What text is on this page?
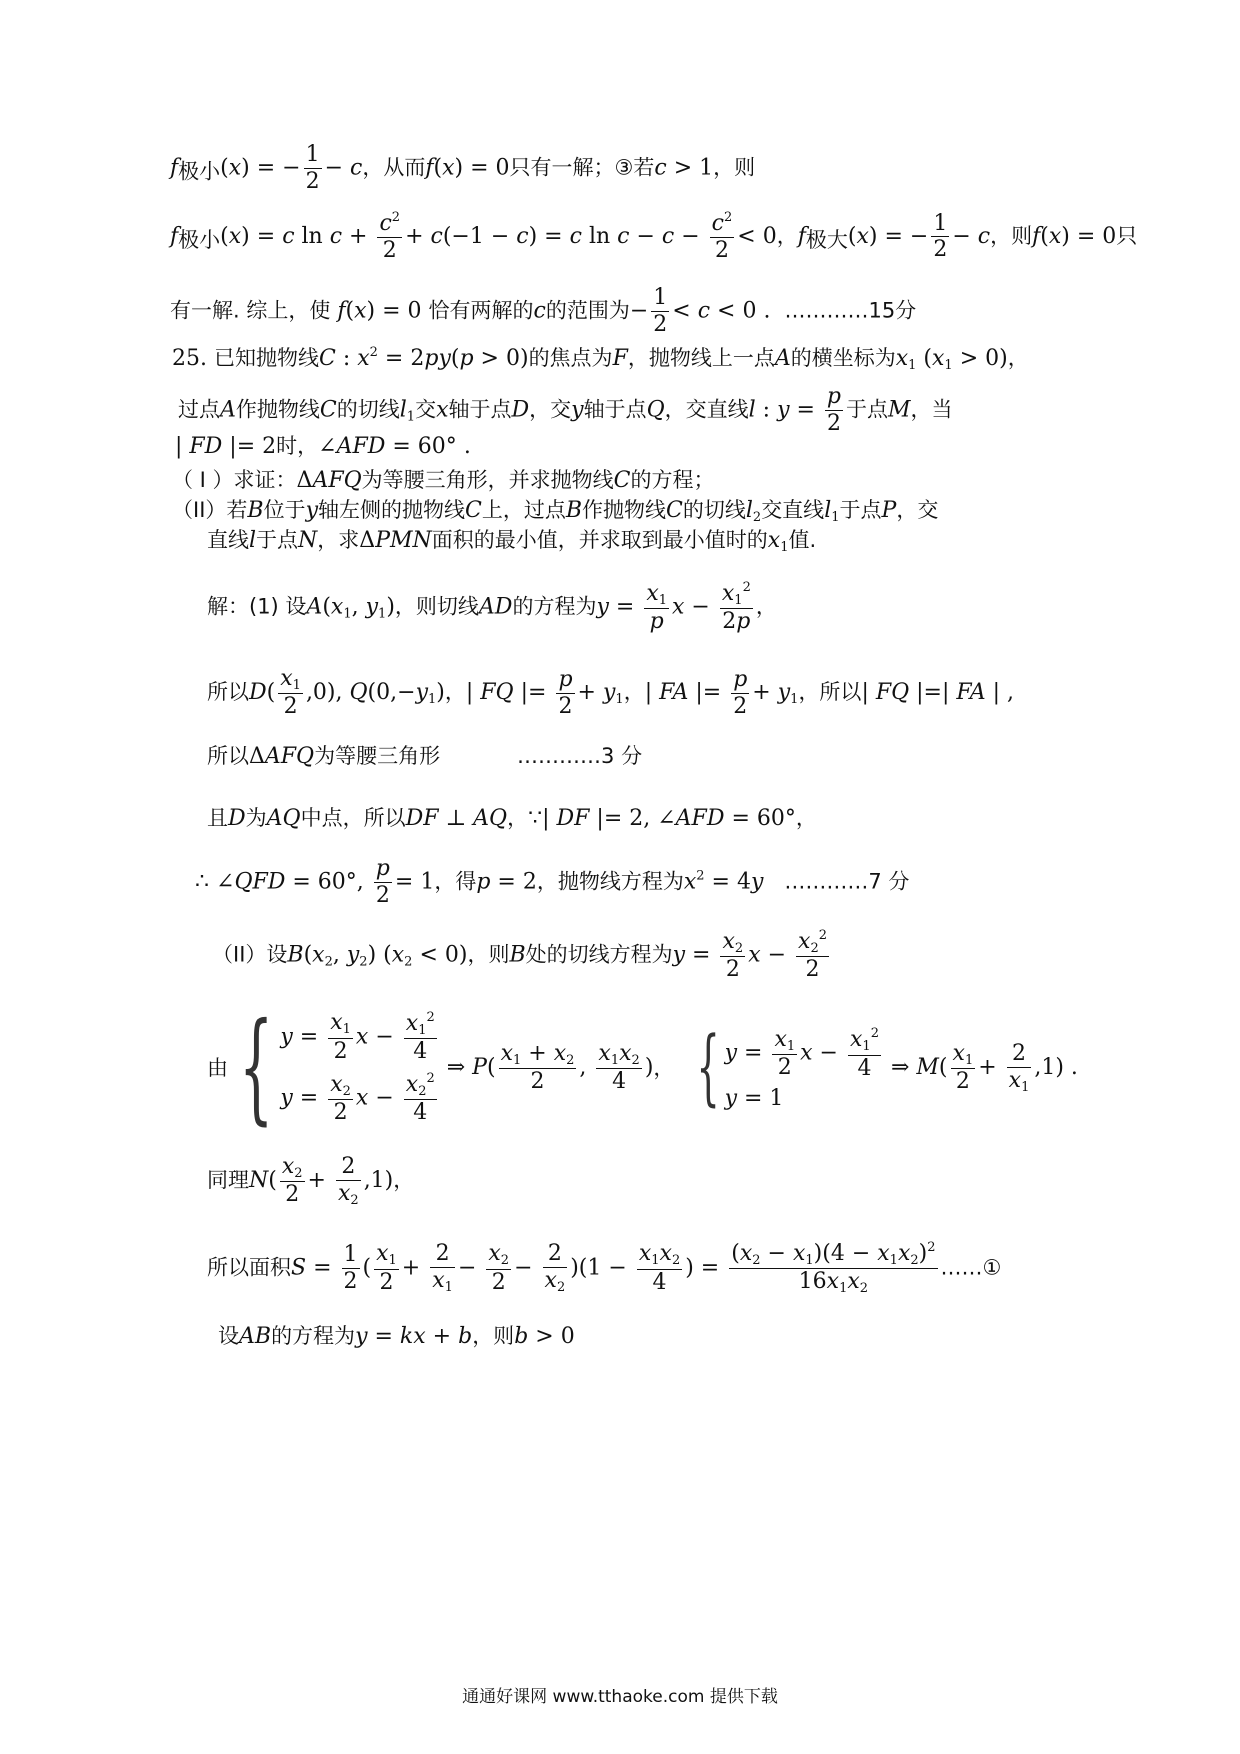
$f_{极小}(x)$ = − $\frac{1}{2} - c$，从而f(x) = 0只有一解；③若c > 1，则
$f_{极小}(x) = c$ $\ln c + \frac{c^2}{2} + c(-1 - c) = c$ $\ln c - c - \frac{c^2}{2} < 0$，$f_{极大}(x)$ = − $\frac{1}{2} - c$，则f(x) = 0只
有一解. 综上，使 f(x) = 0 恰有两解的c的范围为− $\frac{1}{2} < c < 0$ .  …………15分
25. 已知抛物线C : $x^2 = 2py(p > 0)$的焦点为F，抛物线上一点A的横坐标为$x_1$ $(x_1 > 0)$，
过点A作抛物线C的切线$l_1$交x轴于点D，交y轴于点Q，交直线l : $y = \frac{p}{2}$ 于点M，当
| FD |= 2时，∠AFD = 60° .
（ I ）求证：ΔAFQ为等腰三角形，并求抛物线C的方程；
（II）若B位于y轴左侧的抛物线C上，过点B作抛物线C的切线$l_2$交直线$l_1$于点P，交
直线l于点N，求ΔPMN面积的最小值，并求取到最小值时的$x_1$值.
解：(1) 设$A(x_1$, $y_1$)，则切线AD的方程为$y = \frac{x_1}{p}$ $x - \frac{x_1^2}{2p}$ ，
所以$D( \frac{x_1}{2} ,0)$, $Q(0,-y_1)$，| FQ |= $\frac{p}{2} + y_1$，| FA |= $\frac{p}{2} + y_1$，所以| FQ |=| FA | ,
所以ΔAFQ为等腰三角形	…………3 分
且D为AQ中点，所以DF ⊥ AQ，∵| DF |= 2, ∠AFD = 60°，
∴ ∠QFD = 60°, $\frac{p}{2} = 1$，得p = 2，抛物线方程为$x^2 = 4y$ …………7 分
（II）设$B(x_2$, $y_2$) $(x_2 < 0)$，则B处的切线方程为$y = \frac{x_2}{2}$ $x - \frac{x_2^2}{2}$
由 { $y = \frac{x_1}{2}$ $x - \frac{x_1^2}{4}$
$y = \frac{x_2}{2}$ $x - \frac{x_2^2}{4}$
⇒ $P( \frac{x_1 + x_2}{2}$ , $\frac{x_1x_2}{4}$ ) ，
{ $y = \frac{x_1}{2}$ $x - \frac{x_1^2}{4}$
y = 1
⇒ $M( \frac{x_1}{2} + \frac{2}{x_1} ,1)$ .
同理$N( \frac{x_2}{2} + \frac{2}{x_2} ,1)$，
所以面积$S = \frac{1}{2}$ ( $\frac{x_1}{2} + \frac{2}{x_1} - \frac{x_2}{2} - \frac{2}{x_2} )(1 - \frac{x_1x_2}{4}$ ) = $\frac{(x_2 - x_1)(4 - x_1x_2)^2}{16x_1x_2}$ ……①
设AB的方程为y = kx + b，则b > 0
通通好课网 www.tthaoke.com 提供下载
